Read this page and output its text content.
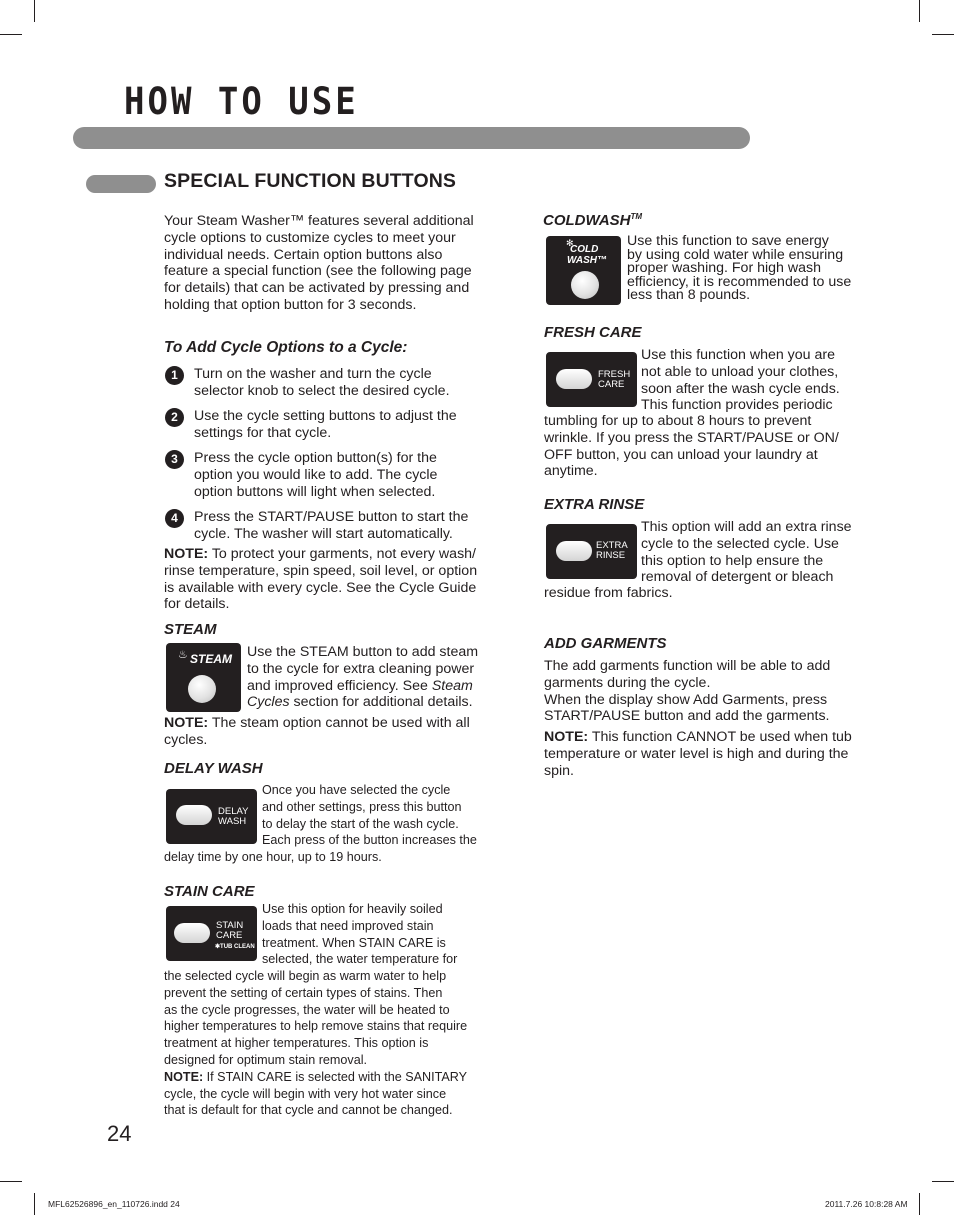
HOW TO USE
SPECIAL FUNCTION BUTTONS
Your Steam Washer™ features several additional
cycle options to customize cycles to meet your
individual needs. Certain option buttons also
feature a special function (see the following page
for details) that can be activated by pressing and
holding that option button for 3 seconds.
To Add Cycle Options to a Cycle:
1	Turn on the washer and turn the cycle
selector knob to select the desired cycle.
2	Use the cycle setting buttons to adjust the
settings for that cycle.
3	Press the cycle option button(s) for the
option you would like to add. The cycle
option buttons will light when selected.
4	Press the START/PAUSE button to start the
cycle. The washer will start automatically.
NOTE: To protect your garments, not every wash/
rinse temperature, spin speed, soil level, or option
is available with every cycle. See the Cycle Guide
for details.
STEAM
♨ STEAM Use the STEAM button to add steam
to the cycle for extra cleaning power
and improved efficiency. See Steam
Cycles section for additional details.
NOTE: The steam option cannot be used with all
cycles.
DELAY WASH
DELAY
WASH
Once you have selected the cycle
and other settings, press this button
to delay the start of the wash cycle.
Each press of the button increases the
delay time by one hour, up to 19 hours.
STAIN CARE
STAIN
CARE
✱TUB CLEAN
Use this option for heavily soiled
loads that need improved stain
treatment. When STAIN CARE is
selected, the water temperature for
the selected cycle will begin as warm water to help
prevent the setting of certain types of stains. Then
as the cycle progresses, the water will be heated to
higher temperatures to help remove stains that require
treatment at higher temperatures. This option is
designed for optimum stain removal.
NOTE: If STAIN CARE is selected with the SANITARY
cycle, the cycle will begin with very hot water since
that is default for that cycle and cannot be changed.
COLDWASH™
✻
COLD
WASH™
Use this function to save energy
by using cold water while ensuring
proper washing. For high wash
efficiency, it is recommended to use
less than 8 pounds.
FRESH CARE
FRESH
CARE
Use this function when you are
not able to unload your clothes,
soon after the wash cycle ends.
This function provides periodic
tumbling for up to about 8 hours to prevent
wrinkle. If you press the START/PAUSE or ON/
OFF button, you can unload your laundry at
anytime.
EXTRA RINSE
EXTRA
RINSE
This option will add an extra rinse
cycle to the selected cycle. Use
this option to help ensure the
removal of detergent or bleach
residue from fabrics.
ADD GARMENTS
The add garments function will be able to add
garments during the cycle.
When the display show Add Garments, press
START/PAUSE button and add the garments.
NOTE: This function CANNOT be used when tub
temperature or water level is high and during the
spin.
24
MFL62526896_en_110726.indd 24	2011.7.26 10:8:28 AM
